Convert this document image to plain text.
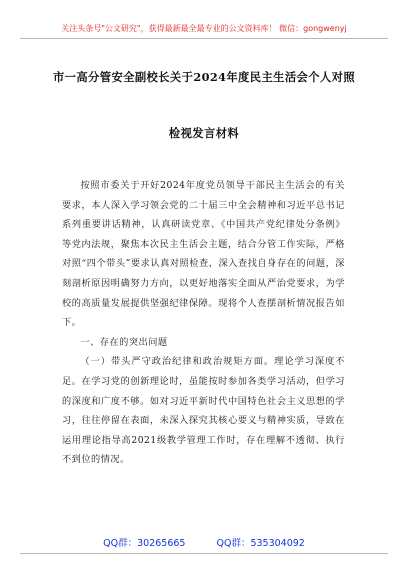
关注头条号"公文研究"，获得最新最全最专业的公文资料库！ 微信：gongwenyj
市一高分管安全副校长关于2024年度民主生活会个人对照
检视发言材料

按照市委关于开好2024年度党员领导干部民主生活会的有关要求，本人深入学习领会党的二十届三中全会精神和习近平总书记系列重要讲话精神，认真研读党章、《中国共产党纪律处分条例》等党内法规，聚焦本次民主生活会主题，结合分管工作实际，严格对照“四个带头”要求认真对照检查，深入查找自身存在的问题，深刻剖析原因明确努力方向，以更好地落实全面从严治党要求，为学校的高质量发展提供坚强纪律保障。现将个人查摆剖析情况报告如下。

一、存在的突出问题

（一）带头严守政治纪律和政治规矩方面。理论学习深度不足。在学习党的创新理论时，虽能按时参加各类学习活动，但学习的深度和广度不够。如对习近平新时代中国特色社会主义思想的学习，往往停留在表面，未深入探究其核心要义与精神实质，导致在运用理论指导高2021级教学管理工作时，存在理解不透彻、执行不到位的情况。

QQ群：30265665	QQ群：535304092
